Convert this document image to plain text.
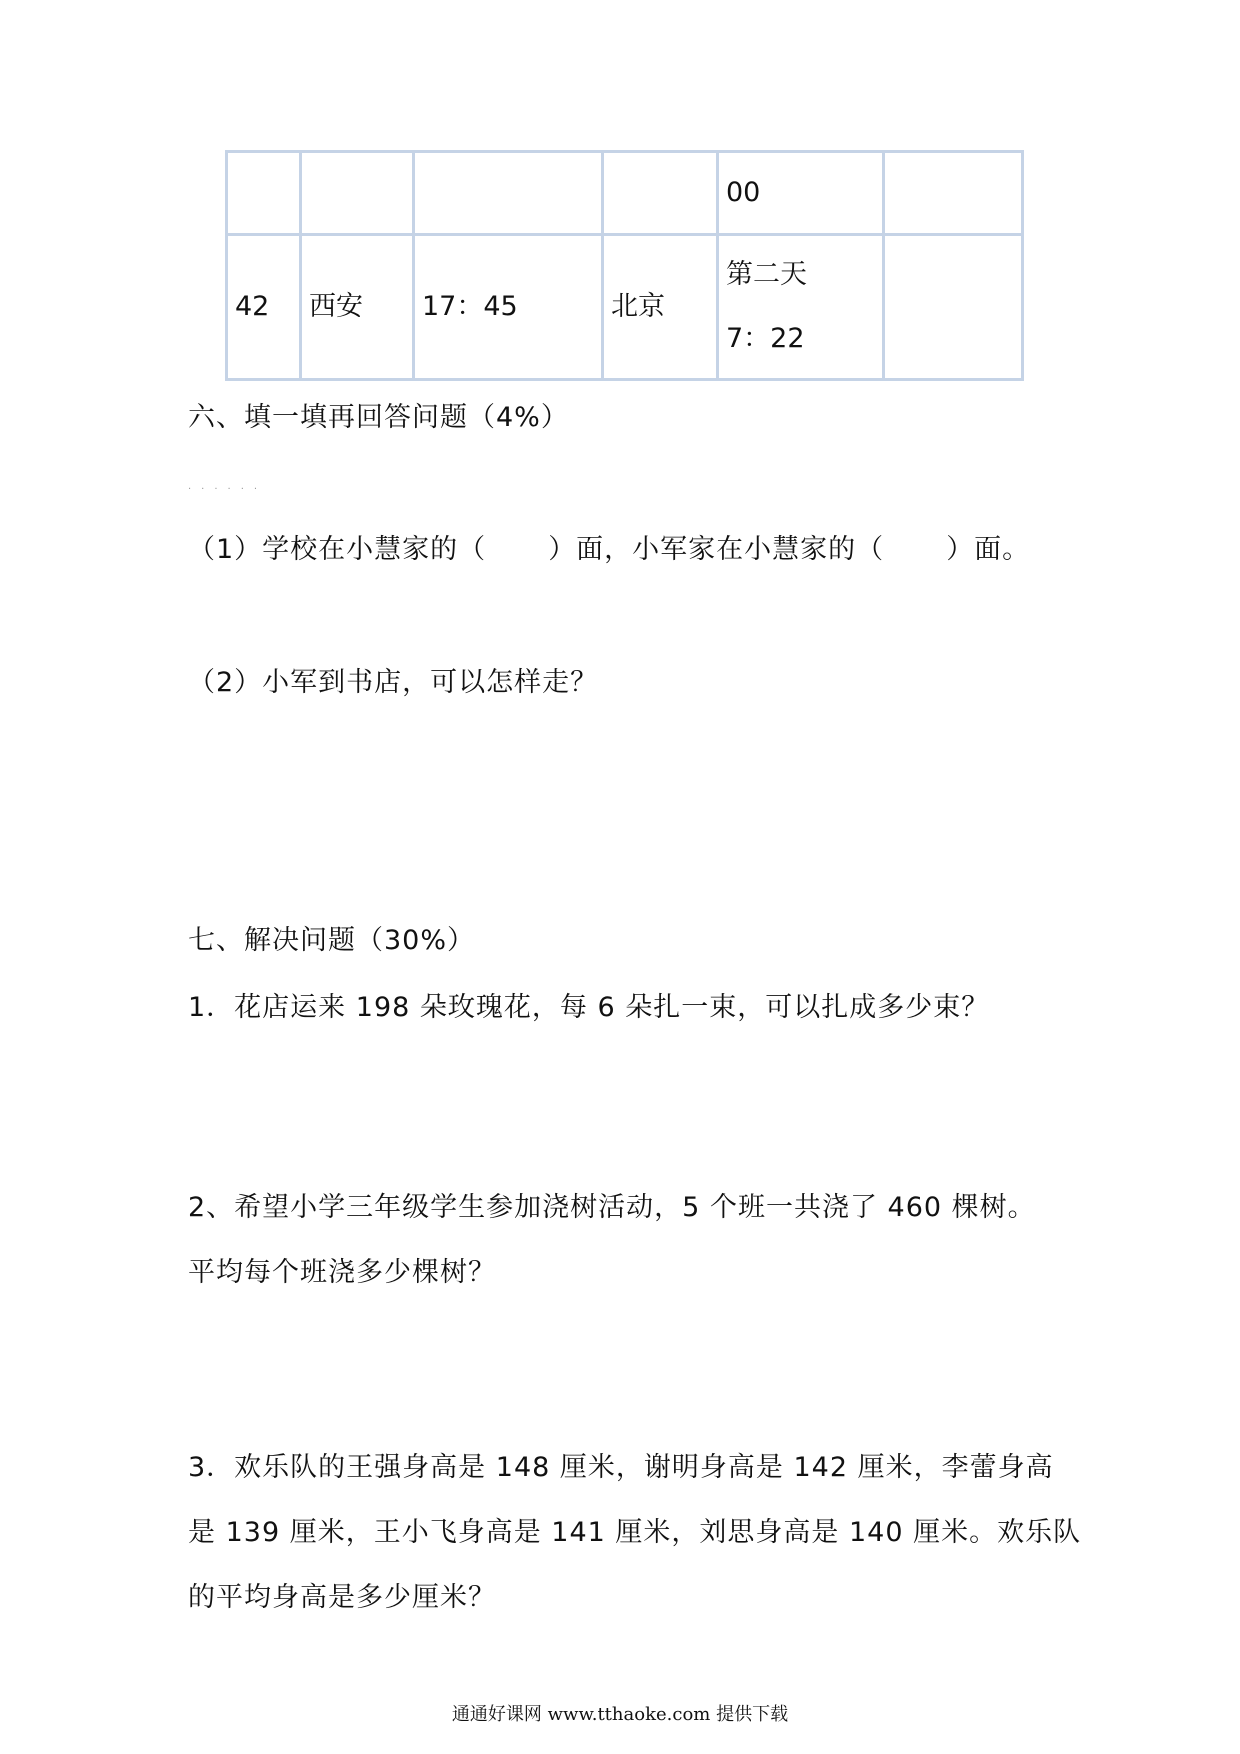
				00	
42	西安	17：45	北京	第二天 7：22	
六、填一填再回答问题（4%）
·　·　·　·　·　·
（1）学校在小慧家的（ ）面，小军家在小慧家的（ ）面。
（2）小军到书店，可以怎样走？
七、解决问题（30%）
1．花店运来 198 朵玫瑰花，每 6 朵扎一束，可以扎成多少束？
2、希望小学三年级学生参加浇树活动，5 个班一共浇了 460 棵树。
平均每个班浇多少棵树？
3．欢乐队的王强身高是 148 厘米，谢明身高是 142 厘米，李蕾身高
是 139 厘米，王小飞身高是 141 厘米，刘思身高是 140 厘米。欢乐队
的平均身高是多少厘米？
通通好课网 www.tthaoke.com 提供下载
